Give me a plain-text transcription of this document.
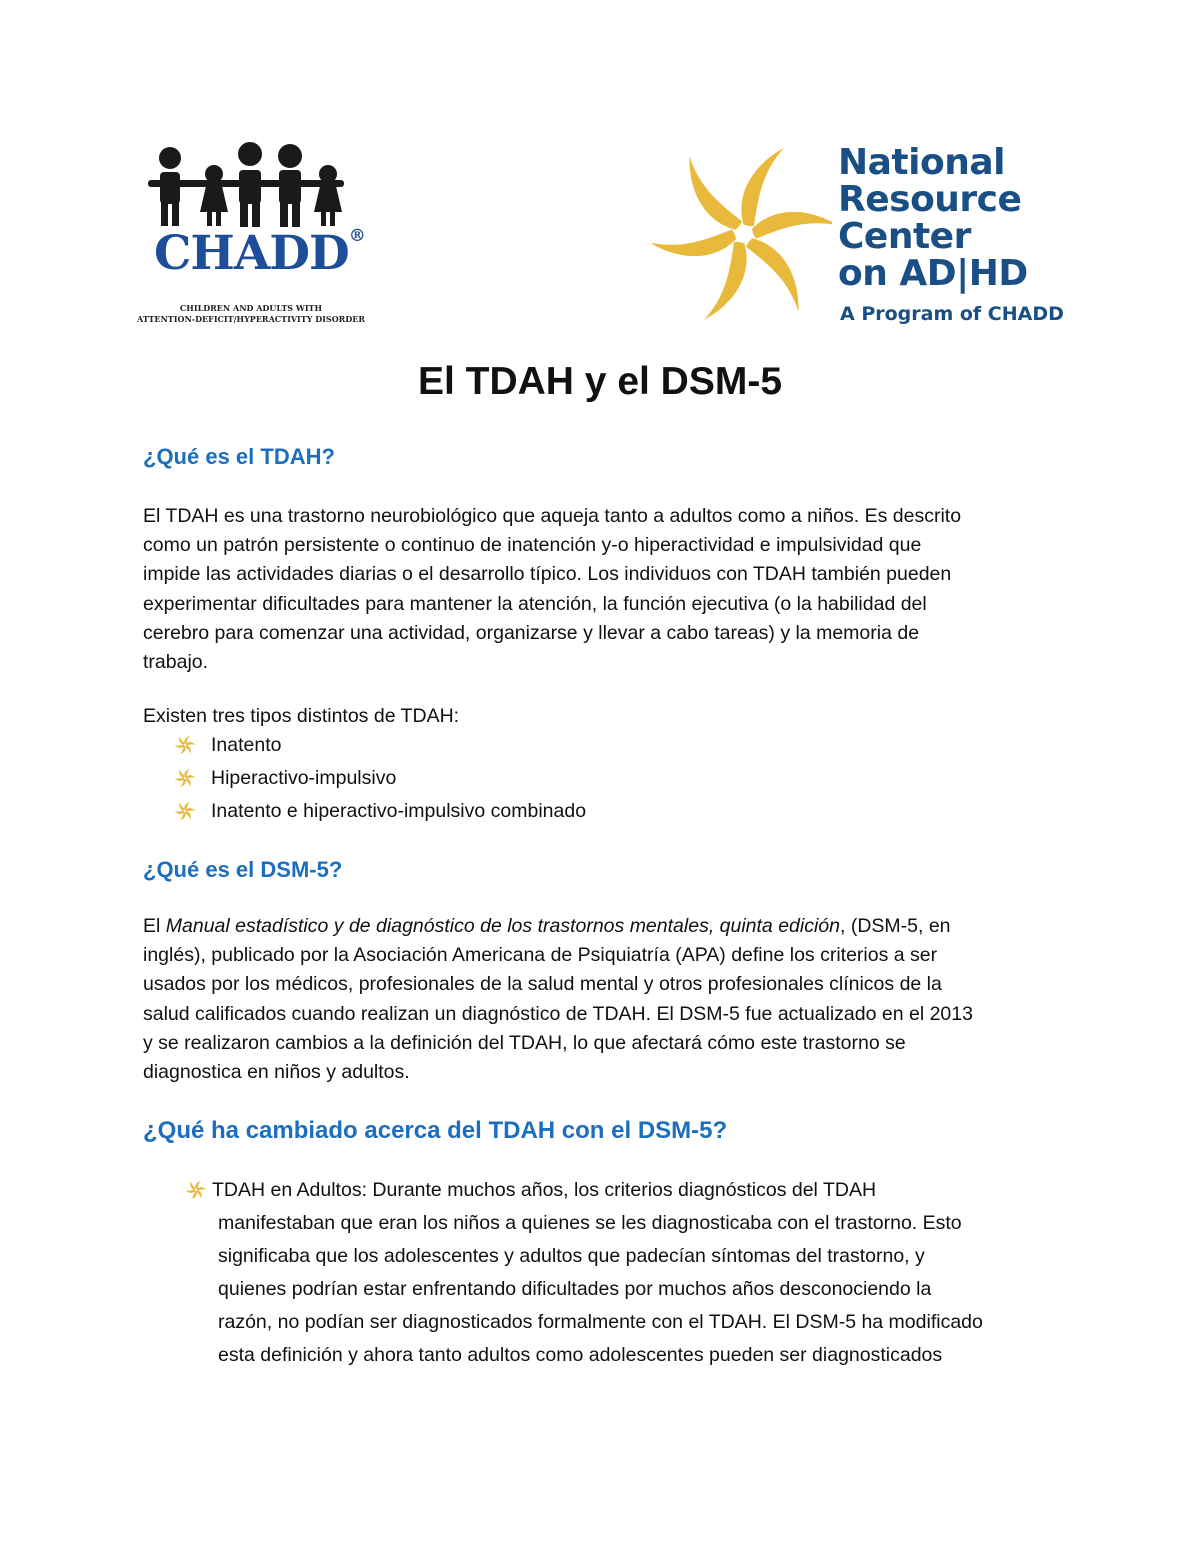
CHADD®
CHILDREN AND ADULTS WITH
ATTENTION-DEFICIT/HYPERACTIVITY DISORDER
National
Resource
Center
on AD|HD
A Program of CHADD
El TDAH y el DSM-5
¿Qué es el TDAH?

El TDAH es una trastorno neurobiológico que aqueja tanto a adultos como a niños. Es descrito
como un patrón persistente o continuo de inatención y-o hiperactividad e impulsividad que
impide las actividades diarias o el desarrollo típico. Los individuos con TDAH también pueden
experimentar dificultades para mantener la atención, la función ejecutiva (o la habilidad del
cerebro para comenzar una actividad, organizarse y llevar a cabo tareas) y la memoria de
trabajo.

Existen tres tipos distintos de TDAH:

Inatento
Hiperactivo-impulsivo
Inatento e hiperactivo-impulsivo combinado
¿Qué es el DSM-5?

El Manual estadístico y de diagnóstico de los trastornos mentales, quinta edición, (DSM-5, en
inglés), publicado por la Asociación Americana de Psiquiatría (APA) define los criterios a ser
usados por los médicos, profesionales de la salud mental y otros profesionales clínicos de la
salud calificados cuando realizan un diagnóstico de TDAH. El DSM-5 fue actualizado en el 2013
y se realizaron cambios a la definición del TDAH, lo que afectará cómo este trastorno se
diagnostica en niños y adultos.

¿Qué ha cambiado acerca del TDAH con el DSM-5?
TDAH en Adultos: Durante muchos años, los criterios diagnósticos del TDAH
manifestaban que eran los niños a quienes se les diagnosticaba con el trastorno. Esto
significaba que los adolescentes y adultos que padecían síntomas del trastorno, y
quienes podrían estar enfrentando dificultades por muchos años desconociendo la
razón, no podían ser diagnosticados formalmente con el TDAH. El DSM-5 ha modificado
esta definición y ahora tanto adultos como adolescentes pueden ser diagnosticados
